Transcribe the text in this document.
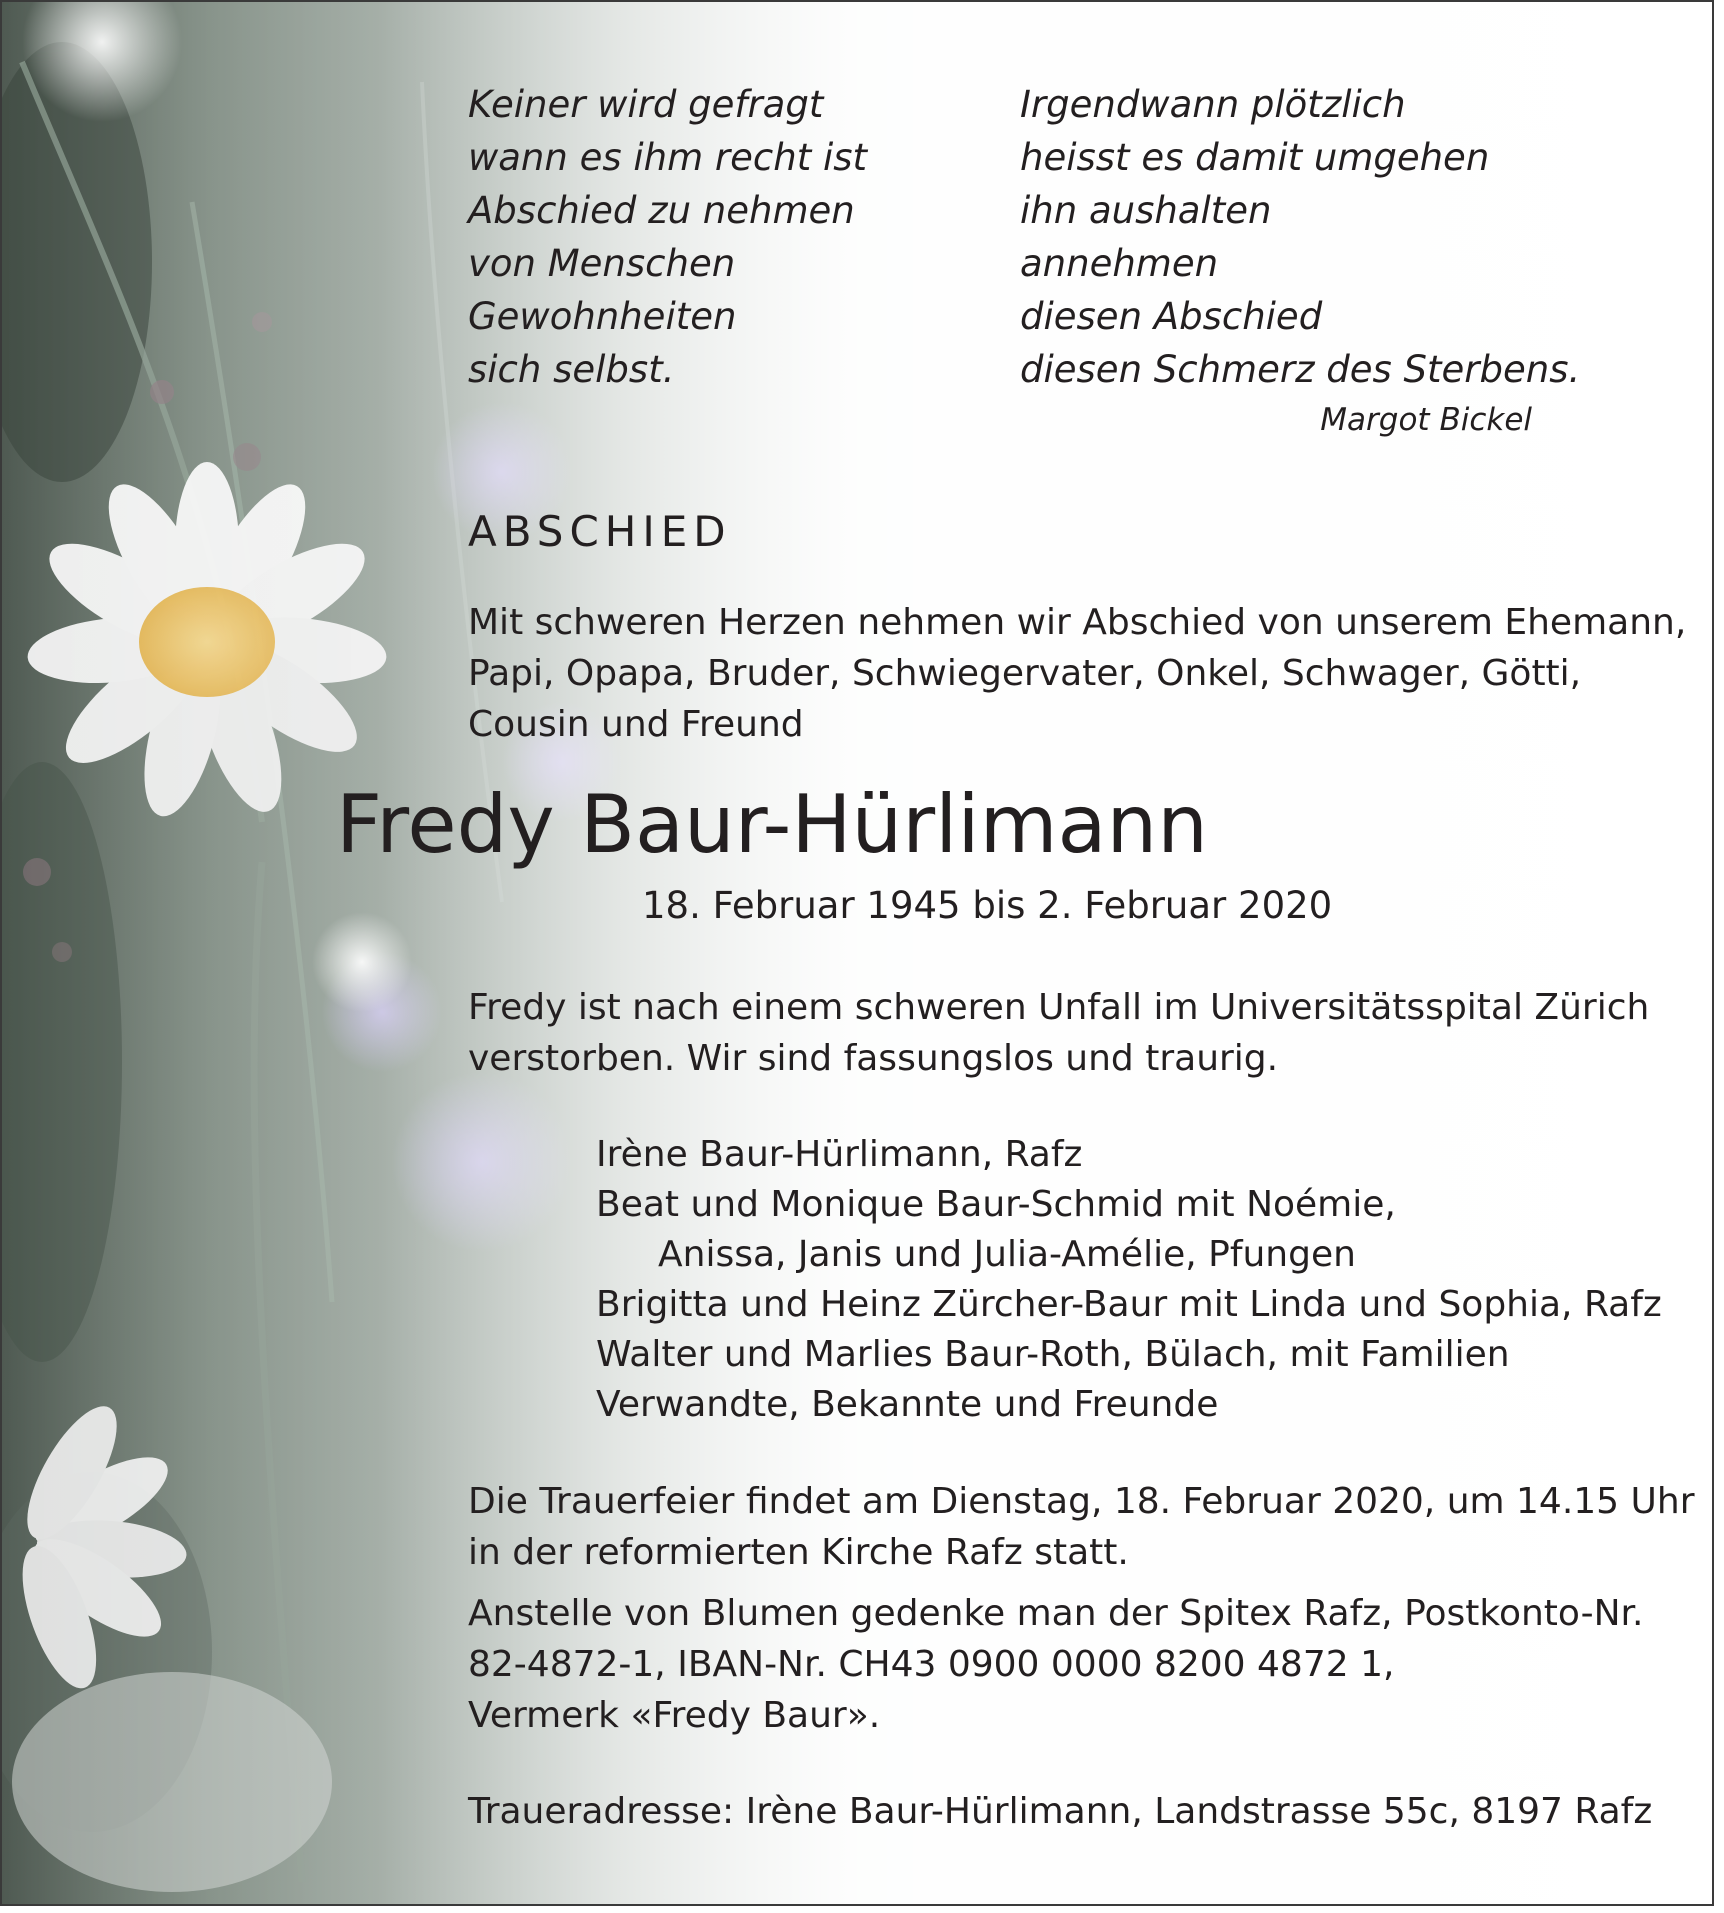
Keiner wird gefragt
wann es ihm recht ist
Abschied zu nehmen
von Menschen
Gewohnheiten
sich selbst.
Irgendwann plötzlich
heisst es damit umgehen
ihn aushalten
annehmen
diesen Abschied
diesen Schmerz des Sterbens.
Margot Bickel
ABSCHIED
Mit schweren Herzen nehmen wir Abschied von unserem Ehemann,
Papi, Opapa, Bruder, Schwiegervater, Onkel, Schwager, Götti,
Cousin und Freund
Fredy Baur-Hürlimann
18. Februar 1945 bis 2. Februar 2020
Fredy ist nach einem schweren Unfall im Universitätsspital Zürich
verstorben. Wir sind fassungslos und traurig.
Irène Baur-Hürlimann, Rafz
Beat und Monique Baur-Schmid mit Noémie,
Anissa, Janis und Julia-Amélie, Pfungen
Brigitta und Heinz Zürcher-Baur mit Linda und Sophia, Rafz
Walter und Marlies Baur-Roth, Bülach, mit Familien
Verwandte, Bekannte und Freunde
Die Trauerfeier findet am Dienstag, 18. Februar 2020, um 14.15 Uhr
in der reformierten Kirche Rafz statt.
Anstelle von Blumen gedenke man der Spitex Rafz, Postkonto-Nr.
82-4872-1, IBAN-Nr. CH43 0900 0000 8200 4872 1,
Vermerk «Fredy Baur».
Traueradresse: Irène Baur-Hürlimann, Landstrasse 55c, 8197 Rafz
